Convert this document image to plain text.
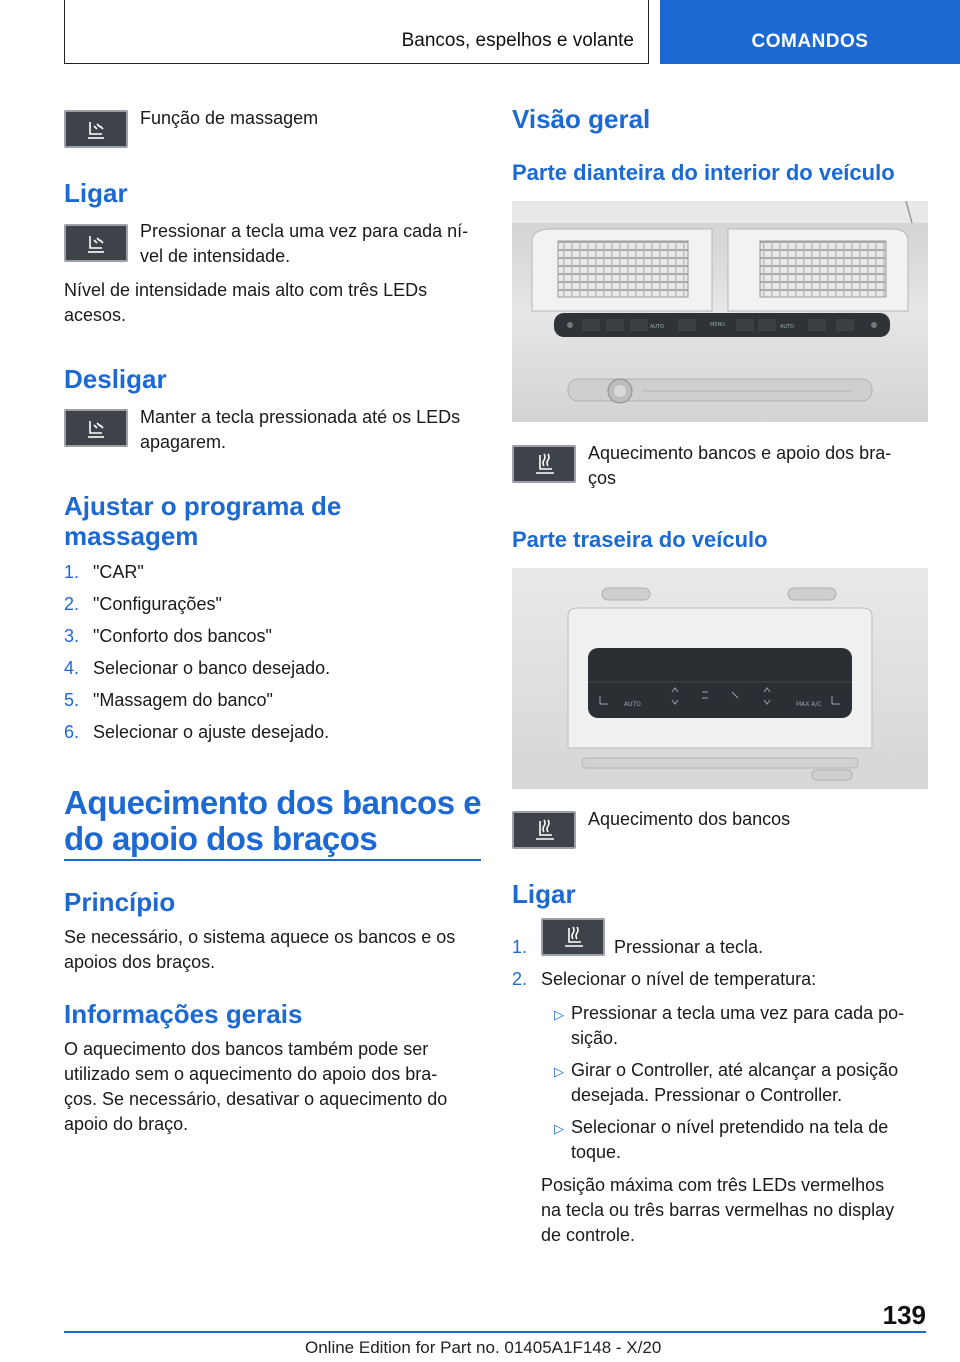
Bancos, espelhos e volante	COMANDOS
Função de massagem
Ligar
Pressionar a tecla uma vez para cada ní-
vel de intensidade.
Nível de intensidade mais alto com três LEDs
acesos.
Desligar
Manter a tecla pressionada até os LEDs
apagarem.
Ajustar o programa de
massagem
1. "CAR"
2. "Configurações"
3. "Conforto dos bancos"
4. Selecionar o banco desejado.
5. "Massagem do banco"
6. Selecionar o ajuste desejado.
Aquecimento dos bancos e
do apoio dos braços
Princípio
Se necessário, o sistema aquece os bancos e os
apoios dos braços.
Informações gerais
O aquecimento dos bancos também pode ser
utilizado sem o aquecimento do apoio dos bra-
ços. Se necessário, desativar o aquecimento do
apoio do braço.
Visão geral
Parte dianteira do interior do veículo
AUTO	MENU	AUTO
Aquecimento bancos e apoio dos bra-
ços
Parte traseira do veículo
AUTO	MAX A/C
Aquecimento dos bancos
Ligar
1.	Pressionar a tecla.
2. Selecionar o nível de temperatura:
▷ Pressionar a tecla uma vez para cada po-
sição.
▷ Girar o Controller, até alcançar a posição
desejada. Pressionar o Controller.
▷ Selecionar o nível pretendido na tela de
toque.
Posição máxima com três LEDs vermelhos
na tecla ou três barras vermelhas no display
de controle.
139
Online Edition for Part no. 01405A1F148 - X/20
